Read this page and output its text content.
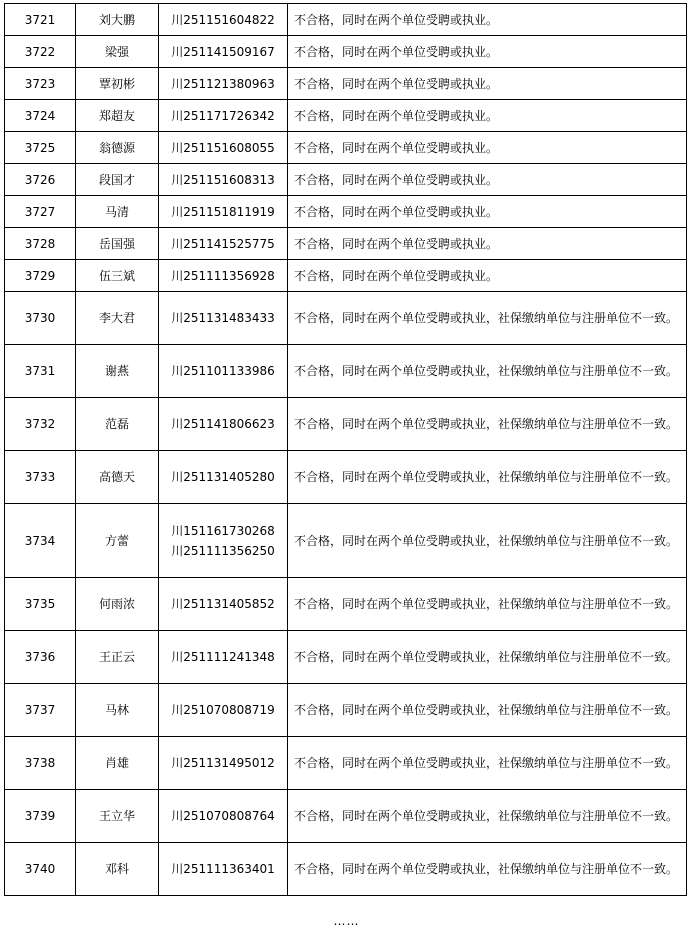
3721	刘大鹏	川251151604822	不合格，同时在两个单位受聘或执业。
3722	梁强	川251141509167	不合格，同时在两个单位受聘或执业。
3723	覃初彬	川251121380963	不合格，同时在两个单位受聘或执业。
3724	郑超友	川251171726342	不合格，同时在两个单位受聘或执业。
3725	翁德源	川251151608055	不合格，同时在两个单位受聘或执业。
3726	段国才	川251151608313	不合格，同时在两个单位受聘或执业。
3727	马清	川251151811919	不合格，同时在两个单位受聘或执业。
3728	岳国强	川251141525775	不合格，同时在两个单位受聘或执业。
3729	伍三斌	川251111356928	不合格，同时在两个单位受聘或执业。
3730	李大君	川251131483433	不合格，同时在两个单位受聘或执业，社保缴纳单位与注册单位不一致。
3731	谢燕	川251101133986	不合格，同时在两个单位受聘或执业，社保缴纳单位与注册单位不一致。
3732	范磊	川251141806623	不合格，同时在两个单位受聘或执业，社保缴纳单位与注册单位不一致。
3733	高德天	川251131405280	不合格，同时在两个单位受聘或执业，社保缴纳单位与注册单位不一致。
3734	方蕾	川151161730268 川251111356250	不合格，同时在两个单位受聘或执业，社保缴纳单位与注册单位不一致。
3735	何雨浓	川251131405852	不合格，同时在两个单位受聘或执业，社保缴纳单位与注册单位不一致。
3736	王正云	川251111241348	不合格，同时在两个单位受聘或执业，社保缴纳单位与注册单位不一致。
3737	马林	川251070808719	不合格，同时在两个单位受聘或执业，社保缴纳单位与注册单位不一致。
3738	肖雄	川251131495012	不合格，同时在两个单位受聘或执业，社保缴纳单位与注册单位不一致。
3739	王立华	川251070808764	不合格，同时在两个单位受聘或执业，社保缴纳单位与注册单位不一致。
3740	邓科	川251111363401	不合格，同时在两个单位受聘或执业，社保缴纳单位与注册单位不一致。
……
